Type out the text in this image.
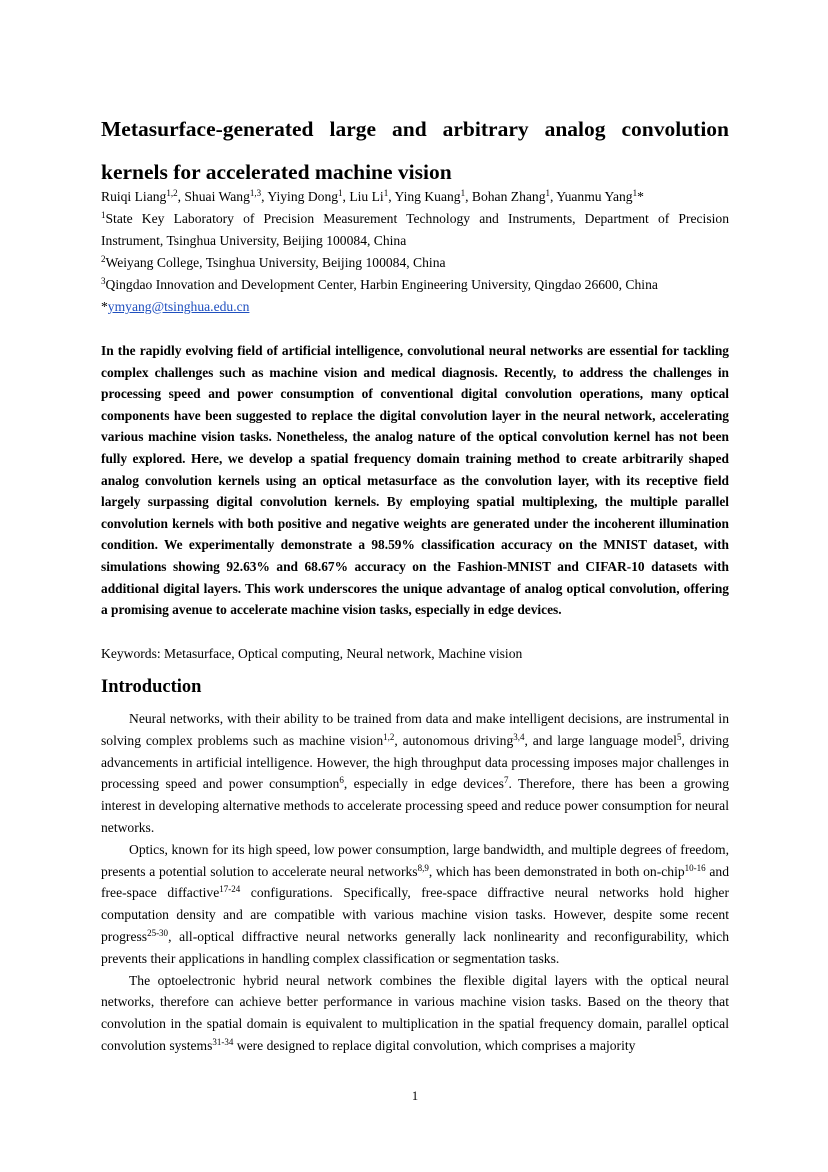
Metasurface-generated large and arbitrary analog convolution
kernels for accelerated machine vision
Ruiqi Liang$^{1,2}$, Shuai Wang$^{1,3}$, Yiying Dong$^1$, Liu Li$^1$, Ying Kuang$^1$, Bohan Zhang$^1$, Yuanmu Yang$^1$*
$^1$State Key Laboratory of Precision Measurement Technology and Instruments, Department of Precision Instrument, Tsinghua University, Beijing 100084, China
$^2$Weiyang College, Tsinghua University, Beijing 100084, China
$^3$Qingdao Innovation and Development Center, Harbin Engineering University, Qingdao 26600, China
*ymyang@tsinghua.edu.cn

In the rapidly evolving field of artificial intelligence, convolutional neural networks are essential for tackling complex challenges such as machine vision and medical diagnosis. Recently, to address the challenges in processing speed and power consumption of conventional digital convolution operations, many optical components have been suggested to replace the digital convolution layer in the neural network, accelerating various machine vision tasks. Nonetheless, the analog nature of the optical convolution kernel has not been fully explored. Here, we develop a spatial frequency domain training method to create arbitrarily shaped analog convolution kernels using an optical metasurface as the convolution layer, with its receptive field largely surpassing digital convolution kernels. By employing spatial multiplexing, the multiple parallel convolution kernels with both positive and negative weights are generated under the incoherent illumination condition. We experimentally demonstrate a 98.59% classification accuracy on the MNIST dataset, with simulations showing 92.63% and 68.67% accuracy on the Fashion-MNIST and CIFAR-10 datasets with additional digital layers. This work underscores the unique advantage of analog optical convolution, offering a promising avenue to accelerate machine vision tasks, especially in edge devices.

Keywords: Metasurface, Optical computing, Neural network, Machine vision
Introduction

Neural networks, with their ability to be trained from data and make intelligent decisions, are instrumental in solving complex problems such as machine vision$^{1,2}$, autonomous driving$^{3,4}$, and large language model$^5$, driving advancements in artificial intelligence. However, the high throughput data processing imposes major challenges in processing speed and power consumption$^6$, especially in edge devices$^7$. Therefore, there has been a growing interest in developing alternative methods to accelerate processing speed and reduce power consumption for neural networks.

Optics, known for its high speed, low power consumption, large bandwidth, and multiple degrees of freedom, presents a potential solution to accelerate neural networks$^{8,9}$, which has been demonstrated in both on-chip$^{10-16}$ and free-space diffactive$^{17-24}$ configurations. Specifically, free-space diffractive neural networks hold higher computation density and are compatible with various machine vision tasks. However, despite some recent progress$^{25-30}$, all-optical diffractive neural networks generally lack nonlinearity and reconfigurability, which prevents their applications in handling complex classification or segmentation tasks.

The optoelectronic hybrid neural network combines the flexible digital layers with the optical neural networks, therefore can achieve better performance in various machine vision tasks. Based on the theory that convolution in the spatial domain is equivalent to multiplication in the spatial frequency domain, parallel optical convolution systems$^{31-34}$ were designed to replace digital convolution, which comprises a majority

1
